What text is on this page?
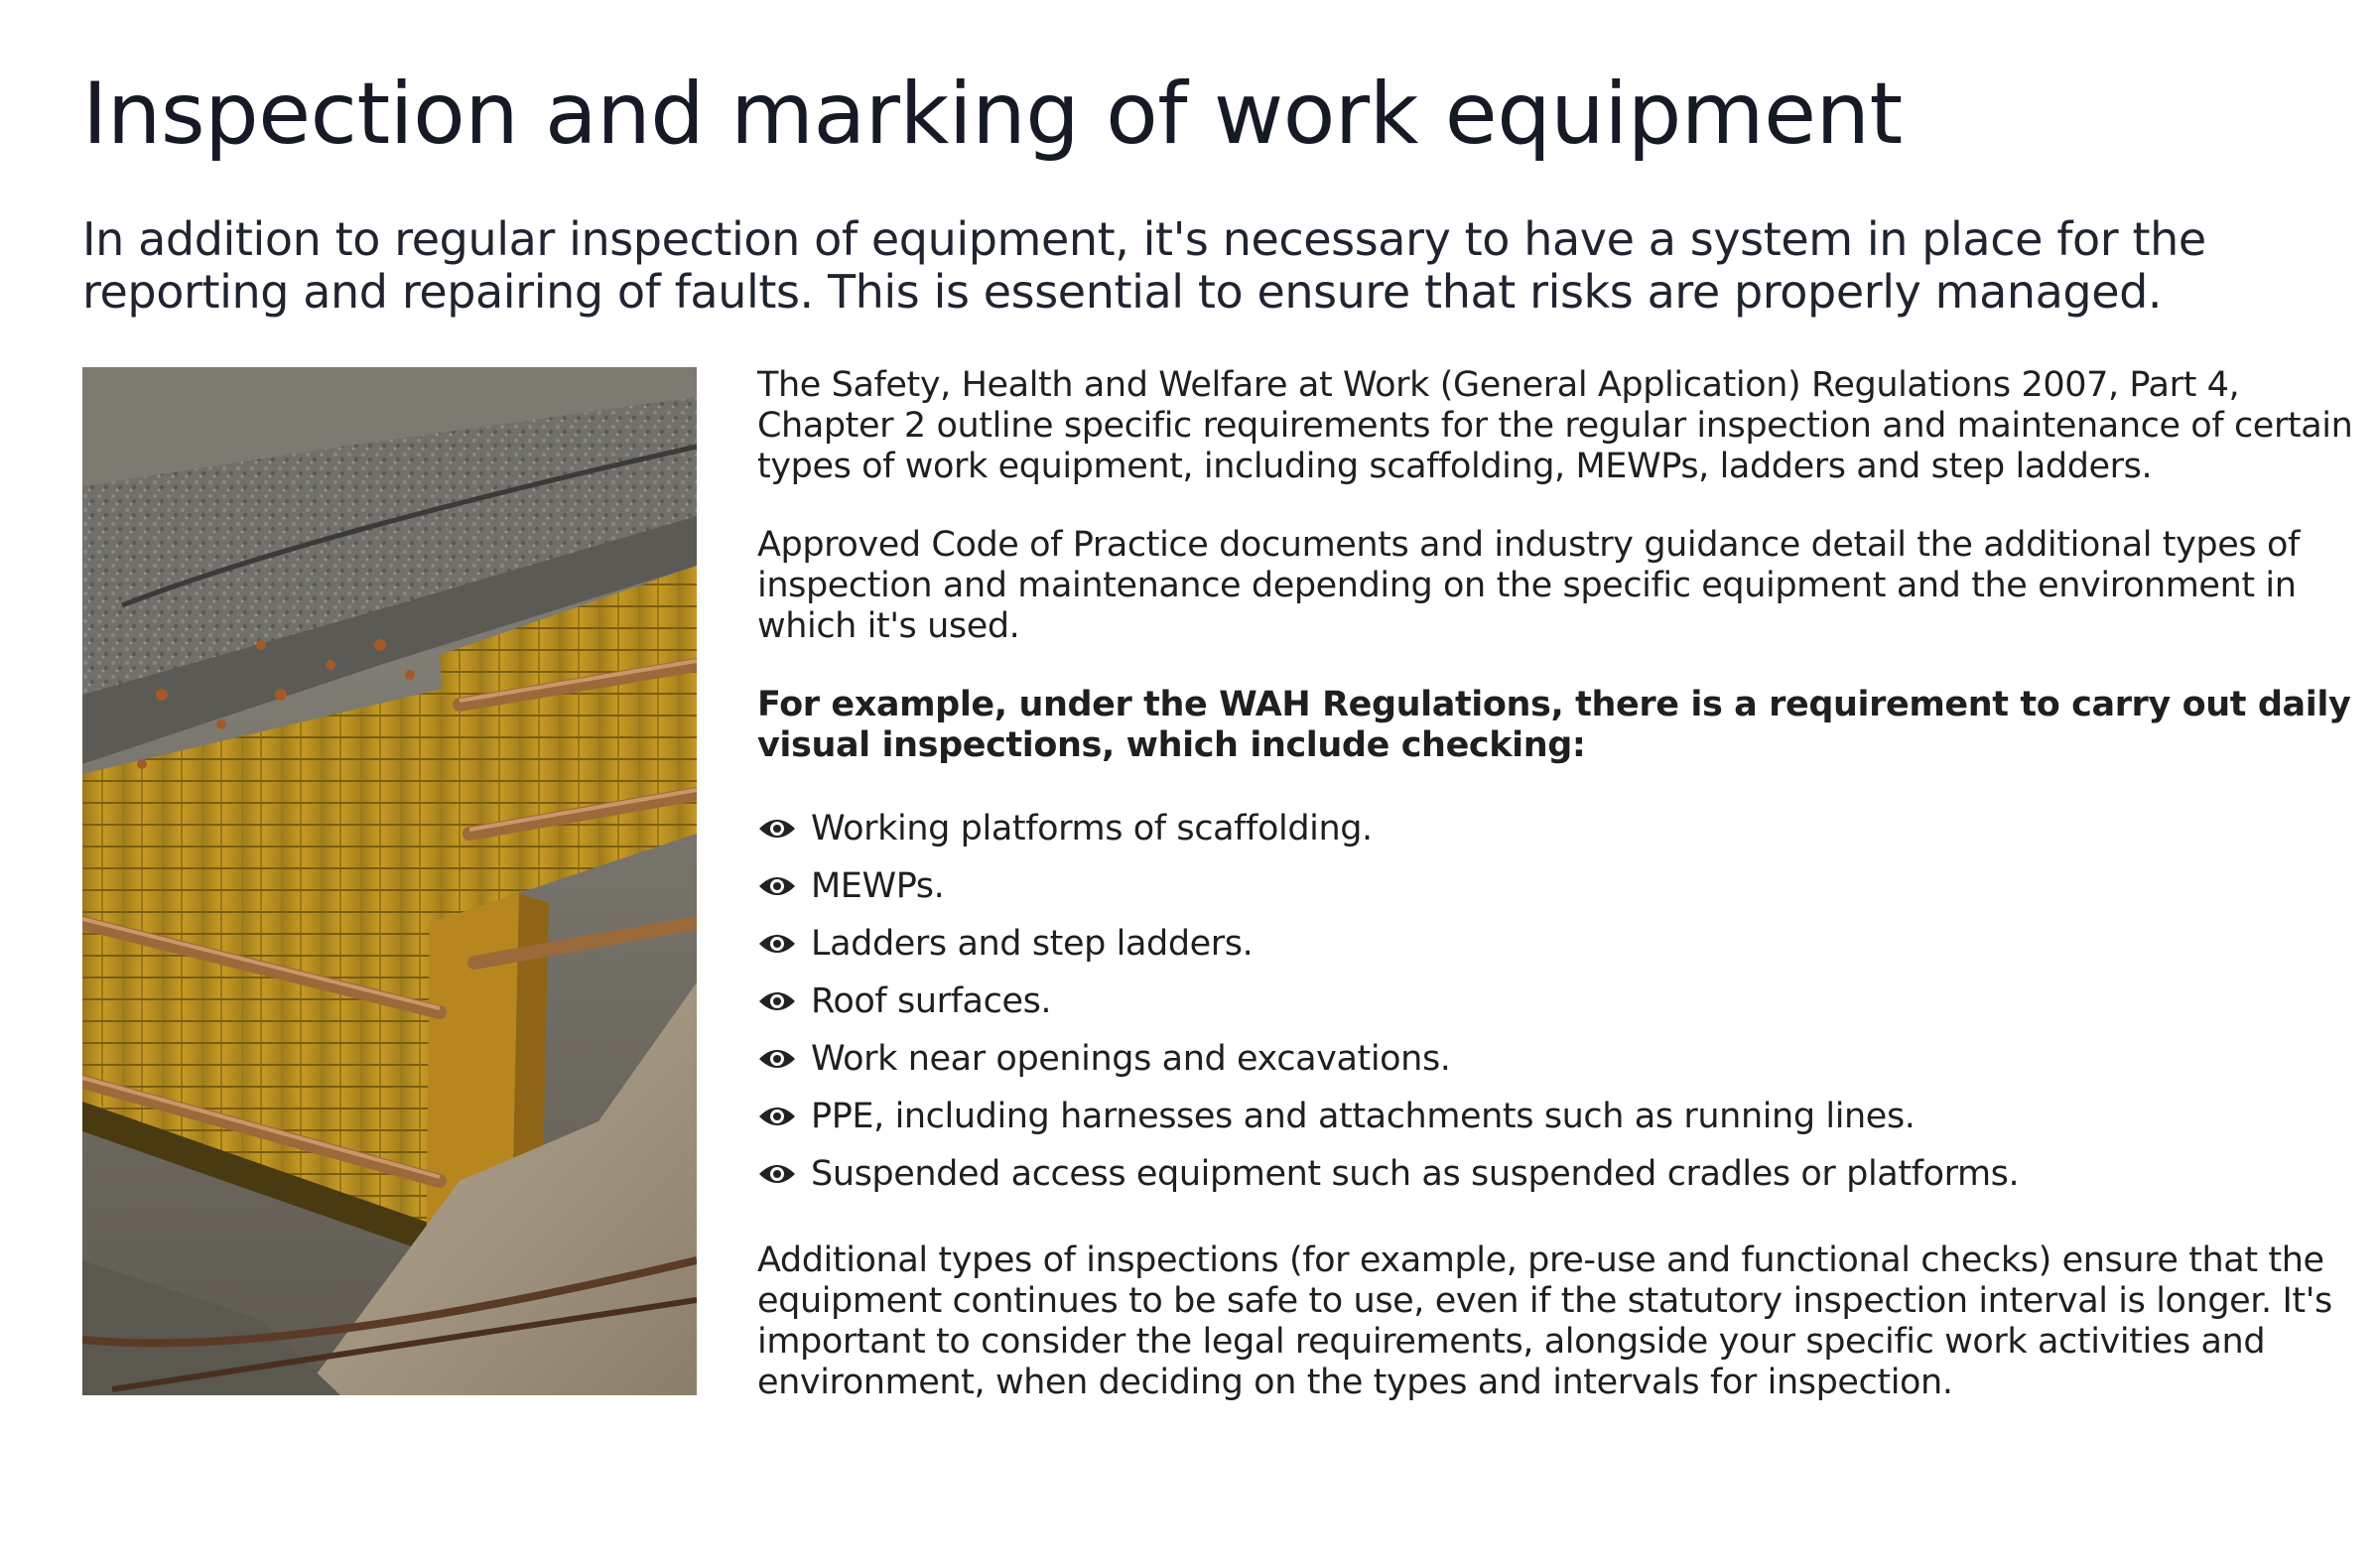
Inspection and marking of work equipment

In addition to regular inspection of equipment, it's necessary to have a system in place for the reporting and repairing of faults. This is essential to ensure that risks are properly managed.

The Safety, Health and Welfare at Work (General Application) Regulations 2007, Part 4, Chapter 2 outline specific requirements for the regular inspection and maintenance of certain types of work equipment, including scaffolding, MEWPs, ladders and step ladders.

Approved Code of Practice documents and industry guidance detail the additional types of inspection and maintenance depending on the specific equipment and the environment in which it's used.

For example, under the WAH Regulations, there is a requirement to carry out daily visual inspections, which include checking:

Working platforms of scaffolding.
MEWPs.
Ladders and step ladders.
Roof surfaces.
Work near openings and excavations.
PPE, including harnesses and attachments such as running lines.
Suspended access equipment such as suspended cradles or platforms.

Additional types of inspections (for example, pre-use and functional checks) ensure that the equipment continues to be safe to use, even if the statutory inspection interval is longer. It's important to consider the legal requirements, alongside your specific work activities and environment, when deciding on the types and intervals for inspection.
